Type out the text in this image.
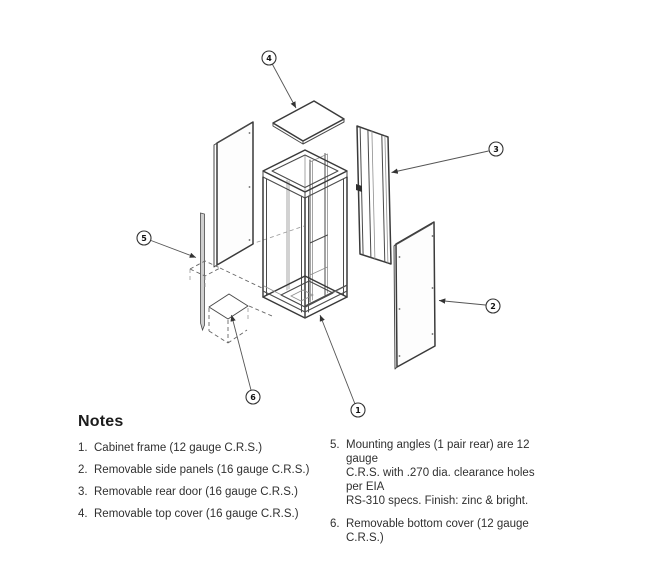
1
2
3
4
5
6
Notes
1. Cabinet frame (12 gauge C.R.S.)
2. Removable side panels (16 gauge C.R.S.)
3. Removable rear door (16 gauge C.R.S.)
4. Removable top cover (16 gauge C.R.S.)
5. Mounting angles (1 pair rear) are 12 gauge
C.R.S. with .270 dia. clearance holes per EIA
RS-310 specs. Finish: zinc & bright.
6. Removable bottom cover (12 gauge C.R.S.)
